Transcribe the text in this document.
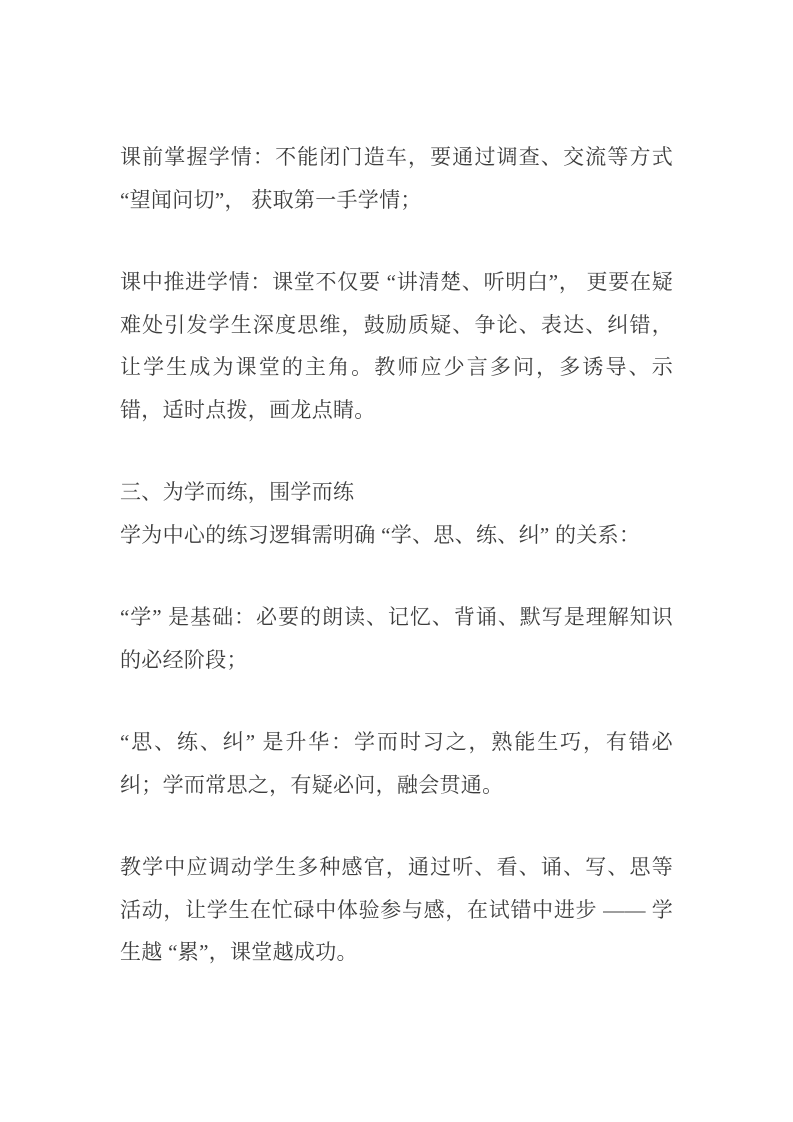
课前掌握学情：不能闭门造车，要通过调查、交流等方式 “望闻问切”， 获取第一手学情；

课中推进学情：课堂不仅要 “讲清楚、听明白”， 更要在疑难处引发学生深度思维，鼓励质疑、争论、表达、纠错，让学生成为课堂的主角。教师应少言多问，多诱导、示错，适时点拨，画龙点睛。

三、为学而练，围学而练

学为中心的练习逻辑需明确 “学、思、练、纠” 的关系：

“学” 是基础：必要的朗读、记忆、背诵、默写是理解知识的必经阶段；

“思、练、纠” 是升华：学而时习之，熟能生巧，有错必纠；学而常思之，有疑必问，融会贯通。

教学中应调动学生多种感官，通过听、看、诵、写、思等活动，让学生在忙碌中体验参与感，在试错中进步 —— 学生越 “累”，课堂越成功。
